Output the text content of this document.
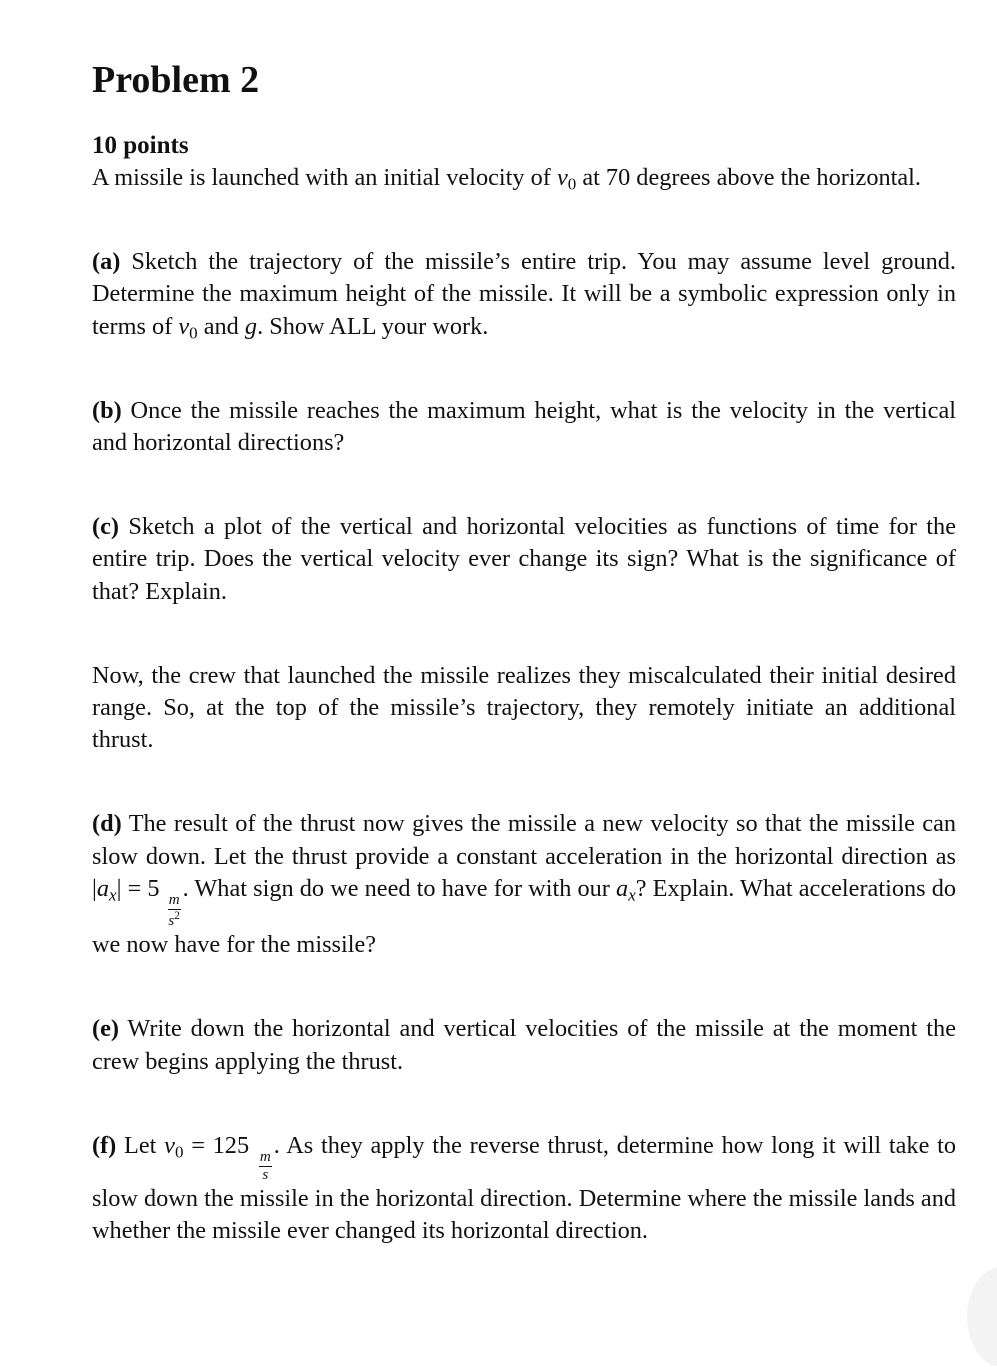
Problem 2
10 points

A missile is launched with an initial velocity of $v_0$ at 70 degrees above the horizontal.

(a) Sketch the trajectory of the missile’s entire trip. You may assume level ground. Determine the maximum height of the missile. It will be a symbolic expression only in terms of $v_0$ and g. Show ALL your work.

(b) Once the missile reaches the maximum height, what is the velocity in the vertical and horizontal directions?

(c) Sketch a plot of the vertical and horizontal velocities as functions of time for the entire trip. Does the vertical velocity ever change its sign? What is the significance of that? Explain.

Now, the crew that launched the missile realizes they miscalculated their initial desired range. So, at the top of the missile’s trajectory, they remotely initiate an additional thrust.

(d) The result of the thrust now gives the missile a new velocity so that the missile can slow down. Let the thrust provide a constant acceleration in the horizontal direction as $|a_x| = 5$
$\frac{m}{s^2}$
. What sign do we need to have for with our $a_x$? Explain. What accelerations do we now have for the missile?

(e) Write down the horizontal and vertical velocities of the missile at the moment the crew begins applying the thrust.

(f) Let $v_0 = 125$
$\frac{m}{s}$
. As they apply the reverse thrust, determine how long it will take to slow down the missile in the horizontal direction. Determine where the missile lands and whether the missile ever changed its horizontal direction.
